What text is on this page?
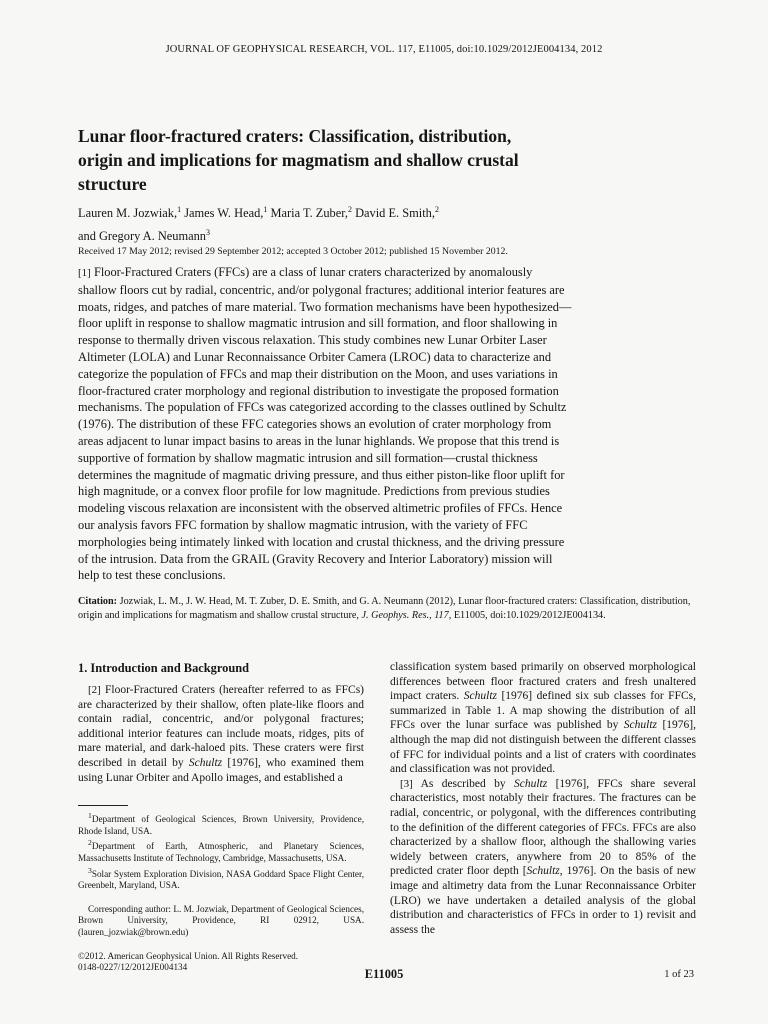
JOURNAL OF GEOPHYSICAL RESEARCH, VOL. 117, E11005, doi:10.1029/2012JE004134, 2012
Lunar floor-fractured craters: Classification, distribution, origin and implications for magmatism and shallow crustal structure
Lauren M. Jozwiak,$^1$ James W. Head,$^1$ Maria T. Zuber,$^2$ David E. Smith,$^2$
and Gregory A. Neumann$^3$
Received 17 May 2012; revised 29 September 2012; accepted 3 October 2012; published 15 November 2012.

[1] Floor-Fractured Craters (FFCs) are a class of lunar craters characterized by anomalously shallow floors cut by radial, concentric, and/or polygonal fractures; additional interior features are moats, ridges, and patches of mare material. Two formation mechanisms have been hypothesized—floor uplift in response to shallow magmatic intrusion and sill formation, and floor shallowing in response to thermally driven viscous relaxation. This study combines new Lunar Orbiter Laser Altimeter (LOLA) and Lunar Reconnaissance Orbiter Camera (LROC) data to characterize and categorize the population of FFCs and map their distribution on the Moon, and uses variations in floor-fractured crater morphology and regional distribution to investigate the proposed formation mechanisms. The population of FFCs was categorized according to the classes outlined by Schultz (1976). The distribution of these FFC categories shows an evolution of crater morphology from areas adjacent to lunar impact basins to areas in the lunar highlands. We propose that this trend is supportive of formation by shallow magmatic intrusion and sill formation—crustal thickness determines the magnitude of magmatic driving pressure, and thus either piston-like floor uplift for high magnitude, or a convex floor profile for low magnitude. Predictions from previous studies modeling viscous relaxation are inconsistent with the observed altimetric profiles of FFCs. Hence our analysis favors FFC formation by shallow magmatic intrusion, with the variety of FFC morphologies being intimately linked with location and crustal thickness, and the driving pressure of the intrusion. Data from the GRAIL (Gravity Recovery and Interior Laboratory) mission will help to test these conclusions.

Citation: Jozwiak, L. M., J. W. Head, M. T. Zuber, D. E. Smith, and G. A. Neumann (2012), Lunar floor-fractured craters: Classification, distribution, origin and implications for magmatism and shallow crustal structure, J. Geophys. Res., 117, E11005, doi:10.1029/2012JE004134.
1. Introduction and Background

[2] Floor-Fractured Craters (hereafter referred to as FFCs) are characterized by their shallow, often plate-like floors and contain radial, concentric, and/or polygonal fractures; additional interior features can include moats, ridges, pits of mare material, and dark-haloed pits. These craters were first described in detail by Schultz [1976], who examined them using Lunar Orbiter and Apollo images, and established a

$^1$Department of Geological Sciences, Brown University, Providence, Rhode Island, USA.

$^2$Department of Earth, Atmospheric, and Planetary Sciences, Massachusetts Institute of Technology, Cambridge, Massachusetts, USA.

$^3$Solar System Exploration Division, NASA Goddard Space Flight Center, Greenbelt, Maryland, USA.

Corresponding author: L. M. Jozwiak, Department of Geological Sciences, Brown University, Providence, RI 02912, USA. (lauren_jozwiak@brown.edu)

©2012. American Geophysical Union. All Rights Reserved.

0148-0227/12/2012JE004134

classification system based primarily on observed morphological differences between floor fractured craters and fresh unaltered impact craters. Schultz [1976] defined six sub classes for FFCs, summarized in Table 1. A map showing the distribution of all FFCs over the lunar surface was published by Schultz [1976], although the map did not distinguish between the different classes of FFC for individual points and a list of craters with coordinates and classification was not provided.

[3] As described by Schultz [1976], FFCs share several characteristics, most notably their fractures. The fractures can be radial, concentric, or polygonal, with the differences contributing to the definition of the different categories of FFCs. FFCs are also characterized by a shallow floor, although the shallowing varies widely between craters, anywhere from 20 to 85% of the predicted crater floor depth [Schultz, 1976]. On the basis of new image and altimetry data from the Lunar Reconnaissance Orbiter (LRO) we have undertaken a detailed analysis of the global distribution and characteristics of FFCs in order to 1) revisit and assess the

E11005	1 of 23
